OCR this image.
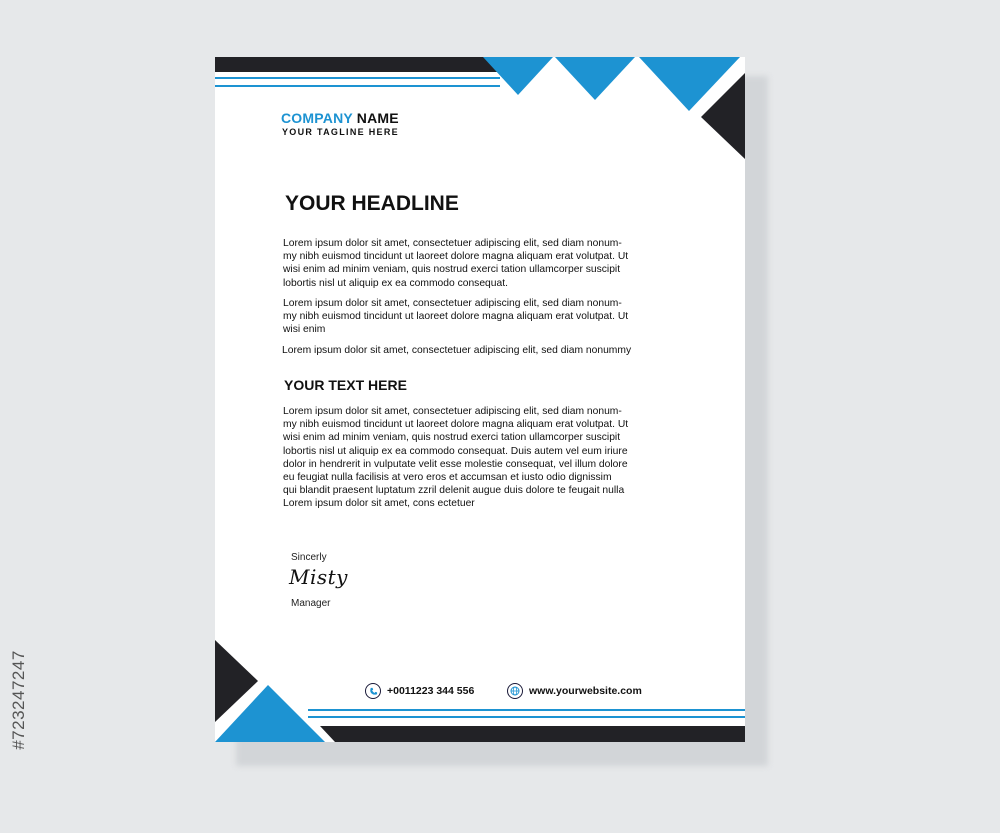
COMPANY NAME
YOUR TAGLINE HERE
YOUR HEADLINE
Lorem ipsum dolor sit amet, consectetuer adipiscing elit, sed diam nonum-
my nibh euismod tincidunt ut laoreet dolore magna aliquam erat volutpat. Ut
wisi enim ad minim veniam, quis nostrud exerci tation ullamcorper suscipit
lobortis nisl ut aliquip ex ea commodo consequat.
Lorem ipsum dolor sit amet, consectetuer adipiscing elit, sed diam nonum-
my nibh euismod tincidunt ut laoreet dolore magna aliquam erat volutpat. Ut
wisi enim
Lorem ipsum dolor sit amet, consectetuer adipiscing elit, sed diam nonummy
YOUR TEXT HERE
Lorem ipsum dolor sit amet, consectetuer adipiscing elit, sed diam nonum-
my nibh euismod tincidunt ut laoreet dolore magna aliquam erat volutpat. Ut
wisi enim ad minim veniam, quis nostrud exerci tation ullamcorper suscipit
lobortis nisl ut aliquip ex ea commodo consequat. Duis autem vel eum iriure
dolor in hendrerit in vulputate velit esse molestie consequat, vel illum dolore
eu feugiat nulla facilisis at vero eros et accumsan et iusto odio dignissim
qui blandit praesent luptatum zzril delenit augue duis dolore te feugait nulla
Lorem ipsum dolor sit amet, cons ectetuer
Sincerly
Misty
Manager
+0011223 344 556	www.yourwebsite.com
#723247247
